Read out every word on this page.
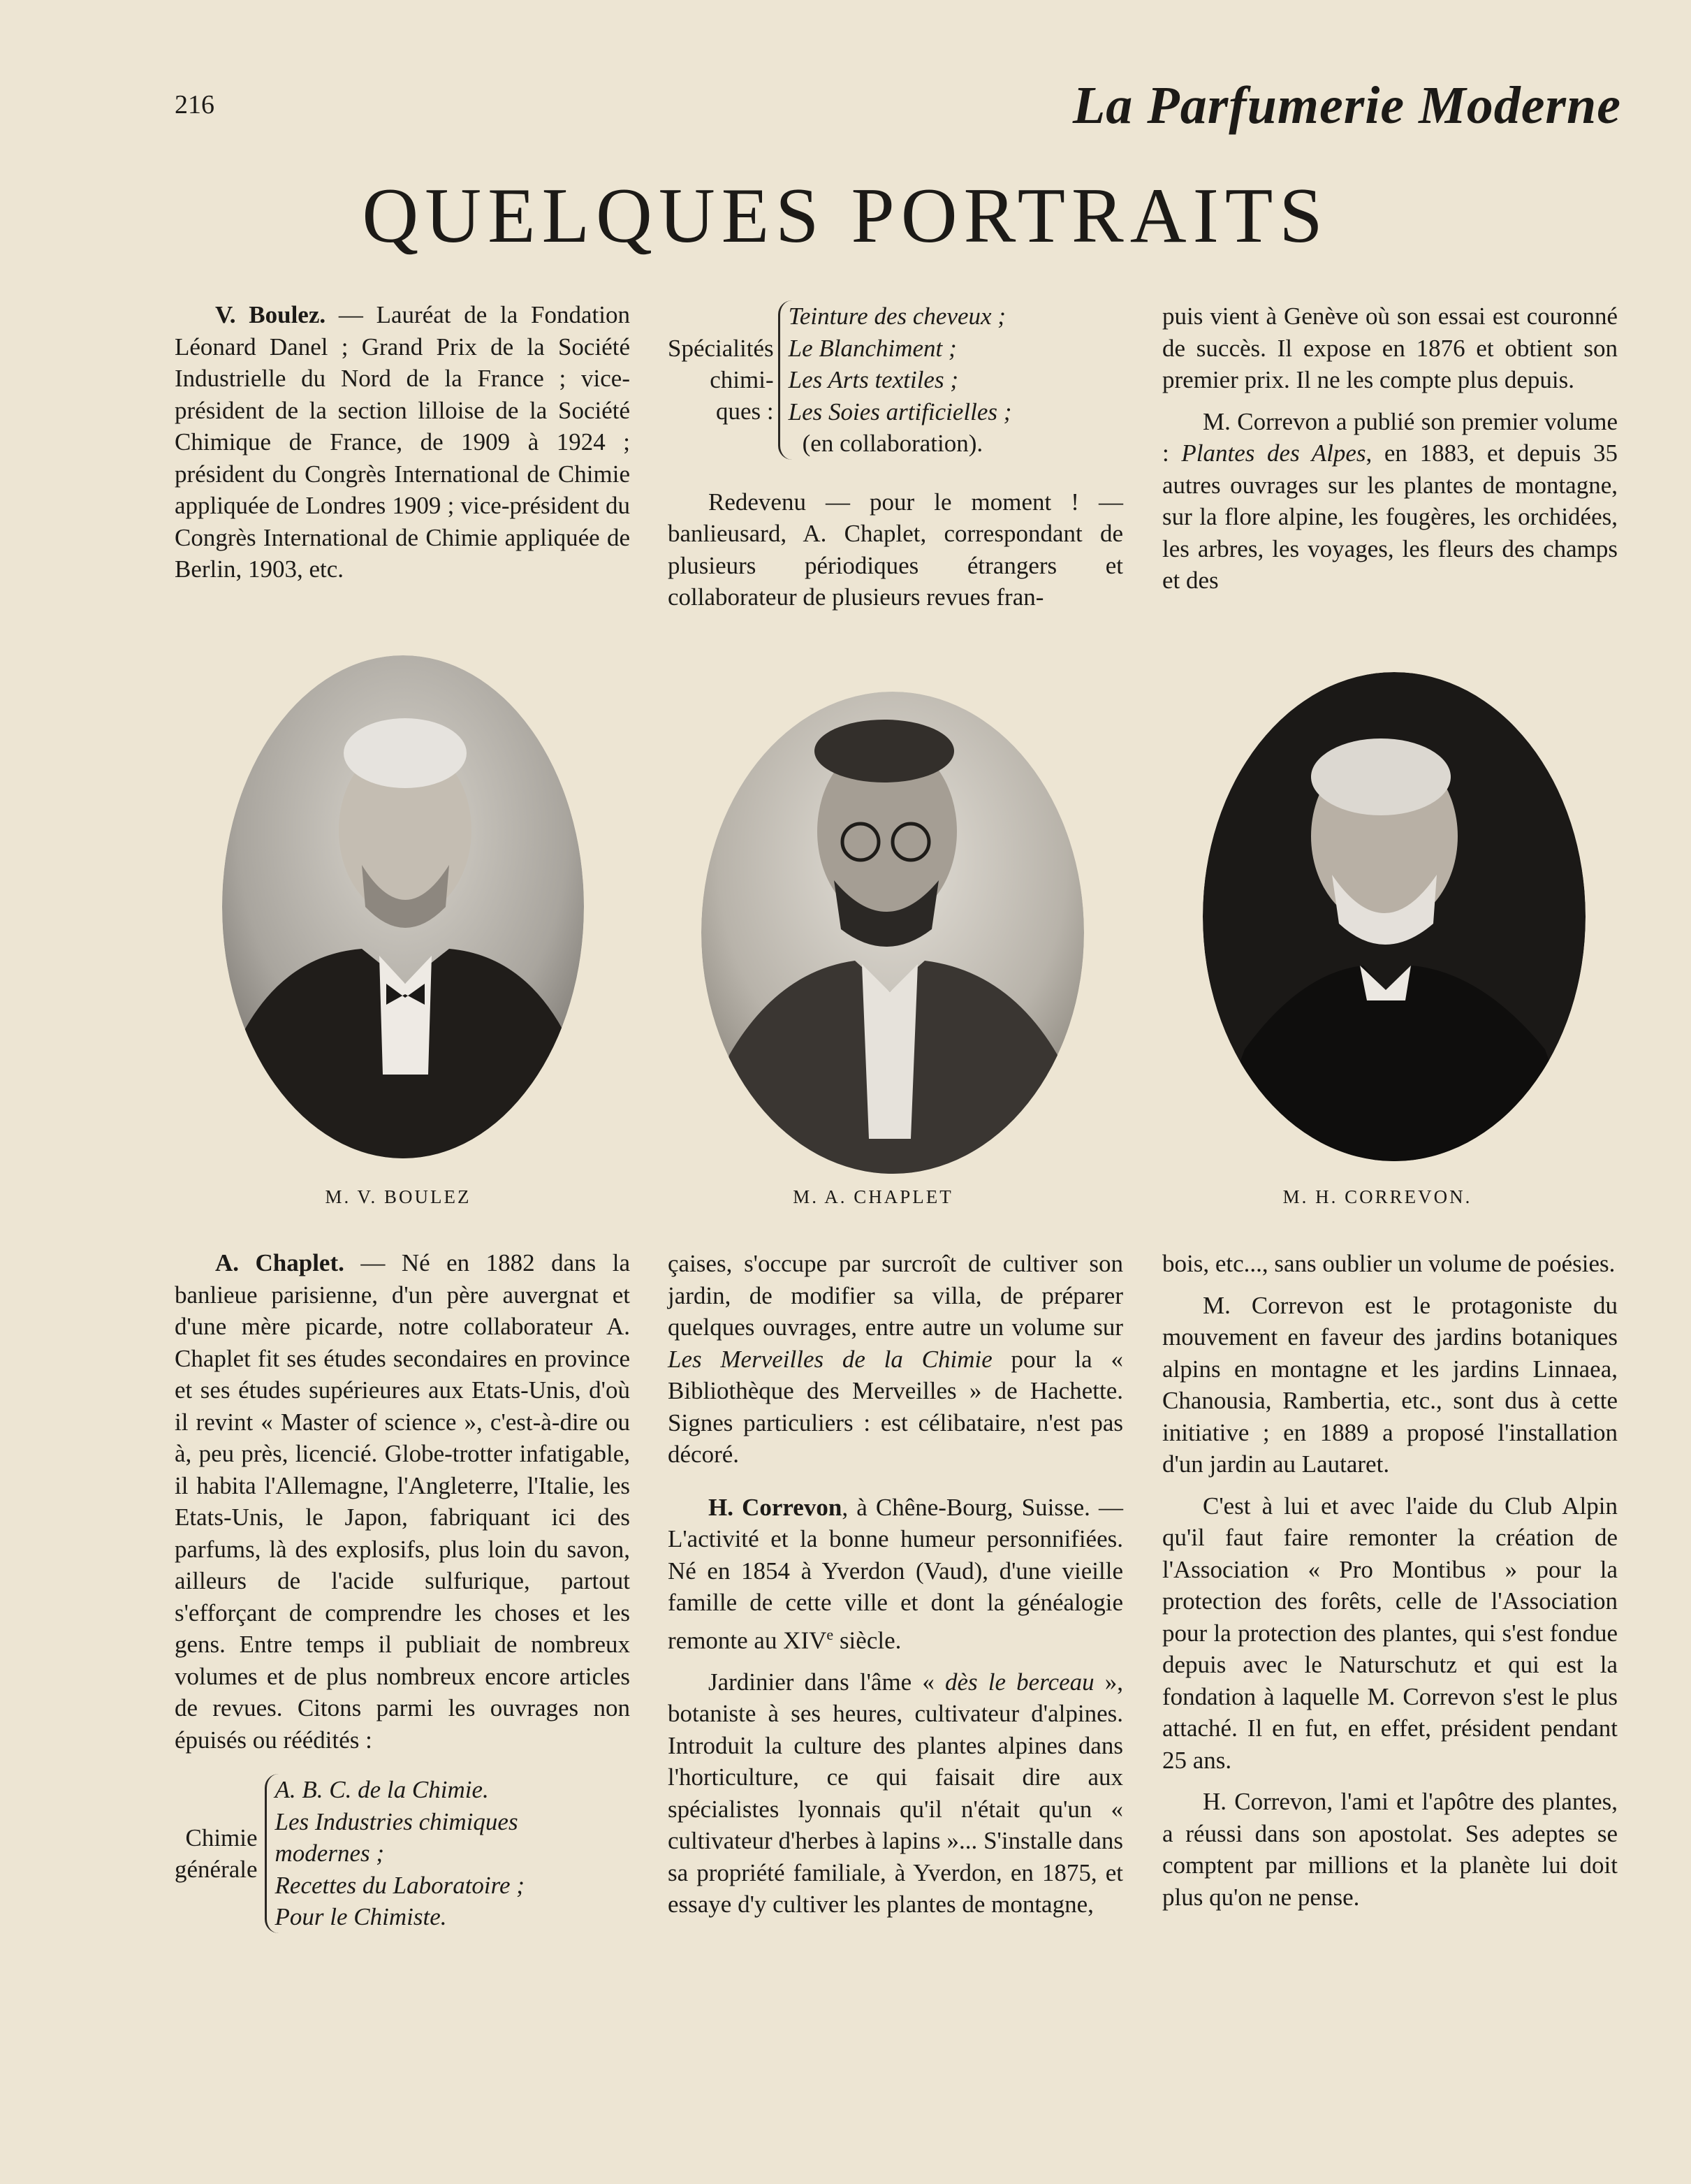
216	La Parfumerie Moderne
QUELQUES PORTRAITS

V. Boulez. — Lauréat de la Fondation Léonard Danel ; Grand Prix de la Société Industrielle du Nord de la France ; vice-président de la section lilloise de la Société Chimique de France, de 1909 à 1924 ; président du Congrès International de Chimie appliquée de Londres 1909 ; vice-président du Congrès International de Chimie appliquée de Berlin, 1903, etc.

Spécialités
chimi-
ques :
Teinture des cheveux ;
Le Blanchiment ;
Les Arts textiles ;
Les Soies artificielles ;
(en collaboration).

Redevenu — pour le moment ! — banlieusard, A. Chaplet, correspondant de plusieurs périodiques étrangers et collaborateur de plusieurs revues fran-

puis vient à Genève où son essai est couronné de succès. Il expose en 1876 et obtient son premier prix. Il ne les compte plus depuis.

M. Correvon a publié son premier volume : Plantes des Alpes, en 1883, et depuis 35 autres ouvrages sur les plantes de montagne, sur la flore alpine, les fougères, les orchidées, les arbres, les voyages, les fleurs des champs et des

M. V. BOULEZ	M. A. CHAPLET	M. H. CORREVON.

A. Chaplet. — Né en 1882 dans la banlieue parisienne, d'un père auvergnat et d'une mère picarde, notre collaborateur A. Chaplet fit ses études secondaires en province et ses études supérieures aux Etats-Unis, d'où il revint « Master of science », c'est-à-dire ou à, peu près, licencié. Globe-trotter infatigable, il habita l'Allemagne, l'Angleterre, l'Italie, les Etats-Unis, le Japon, fabriquant ici des parfums, là des explosifs, plus loin du savon, ailleurs de l'acide sulfurique, partout s'efforçant de comprendre les choses et les gens. Entre temps il publiait de nombreux volumes et de plus nombreux encore articles de revues. Citons parmi les ouvrages non épuisés ou réédités :

Chimie
générale
A. B. C. de la Chimie.
Les Industries chimiques modernes ;
Recettes du Laboratoire ;
Pour le Chimiste.

çaises, s'occupe par surcroît de cultiver son jardin, de modifier sa villa, de préparer quelques ouvrages, entre autre un volume sur Les Merveilles de la Chimie pour la « Bibliothèque des Merveilles » de Hachette. Signes particuliers : est célibataire, n'est pas décoré.

H. Correvon, à Chêne-Bourg, Suisse. — L'activité et la bonne humeur personnifiées. Né en 1854 à Yverdon (Vaud), d'une vieille famille de cette ville et dont la généalogie remonte au XIVe siècle.

Jardinier dans l'âme « dès le berceau », botaniste à ses heures, cultivateur d'alpines. Introduit la culture des plantes alpines dans l'horticulture, ce qui faisait dire aux spécialistes lyonnais qu'il n'était qu'un « cultivateur d'herbes à lapins »... S'installe dans sa propriété familiale, à Yverdon, en 1875, et essaye d'y cultiver les plantes de montagne,

bois, etc..., sans oublier un volume de poésies.

M. Correvon est le protagoniste du mouvement en faveur des jardins botaniques alpins en montagne et les jardins Linnaea, Chanousia, Rambertia, etc., sont dus à cette initiative ; en 1889 a proposé l'installation d'un jardin au Lautaret.

C'est à lui et avec l'aide du Club Alpin qu'il faut faire remonter la création de l'Association « Pro Montibus » pour la protection des forêts, celle de l'Association pour la protection des plantes, qui s'est fondue depuis avec le Naturschutz et qui est la fondation à laquelle M. Correvon s'est le plus attaché. Il en fut, en effet, président pendant 25 ans.

H. Correvon, l'ami et l'apôtre des plantes, a réussi dans son apostolat. Ses adeptes se comptent par millions et la planète lui doit plus qu'on ne pense.
